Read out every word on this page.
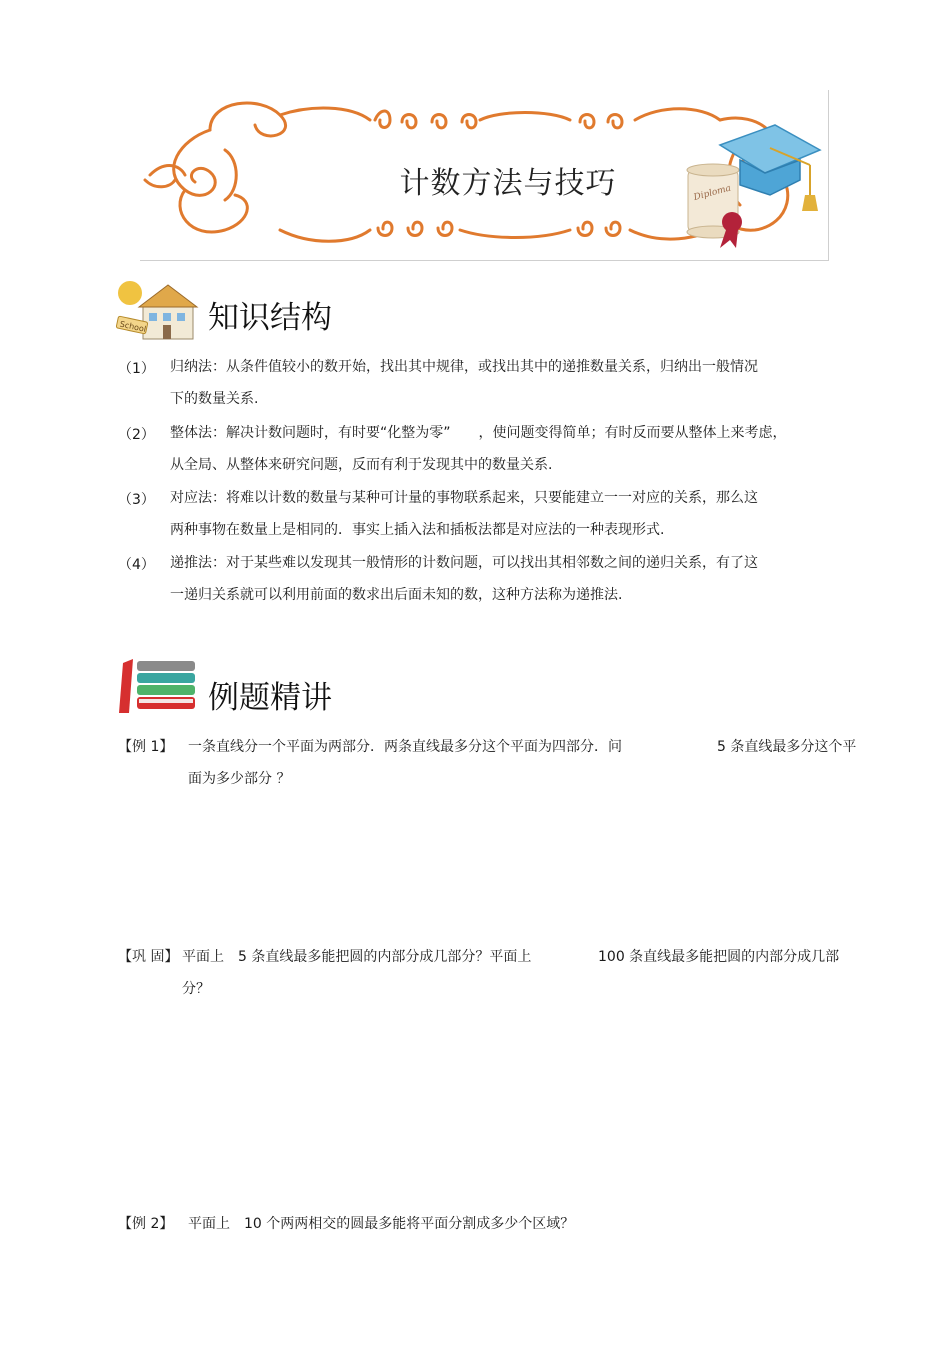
计数方法与技巧	Diploma
School 知识结构
（1） 归纳法：从条件值较小的数开始，找出其中规律，或找出其中的递推数量关系，归纳出一般情况
下的数量关系.
（2） 整体法：解决计数问题时，有时要“化整为零”　　，使问题变得简单；有时反而要从整体上来考虑，
从全局、从整体来研究问题，反而有利于发现其中的数量关系.
（3） 对应法：将难以计数的数量与某种可计量的事物联系起来，只要能建立一一对应的关系，那么这
两种事物在数量上是相同的．事实上插入法和插板法都是对应法的一种表现形式.
（4） 递推法：对于某些难以发现其一般情形的计数问题，可以找出其相邻数之间的递归关系，有了这
一递归关系就可以利用前面的数求出后面未知的数，这种方法称为递推法.
例题精讲
【例 1】 一条直线分一个平面为两部分．两条直线最多分这个平面为四部分．问	5 条直线最多分这个平
面为多少部分 ？
【巩 固】 平面上　5 条直线最多能把圆的内部分成几部分？平面上	100 条直线最多能把圆的内部分成几部
分？
【例 2】 平面上　10 个两两相交的圆最多能将平面分割成多少个区域？
